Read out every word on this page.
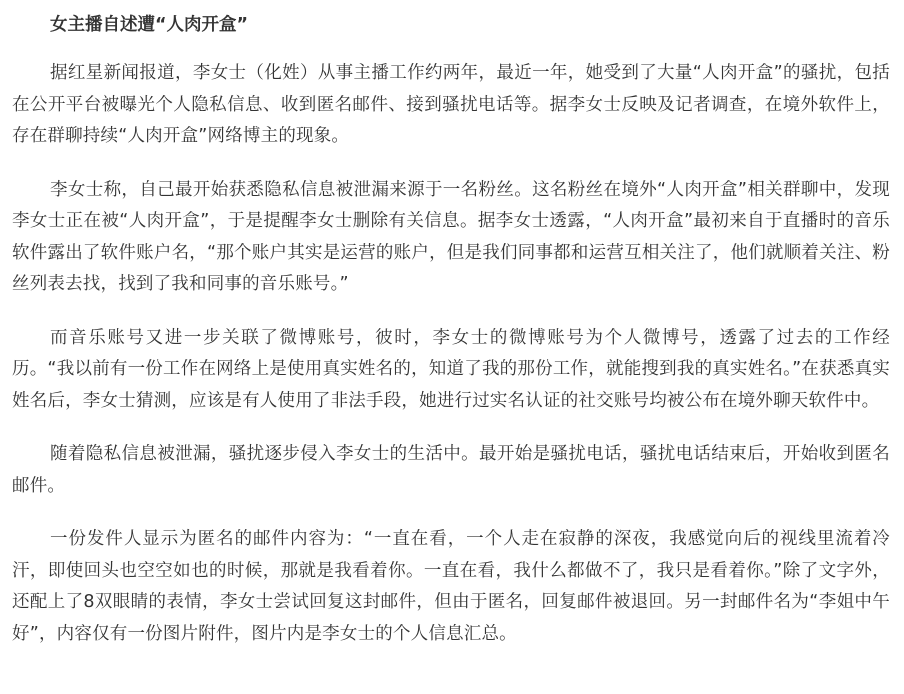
女主播自述遭“人肉开盒”

据红星新闻报道，李女士（化姓）从事主播工作约两年，最近一年，她受到了大量“人肉开盒”的骚扰，包括在公开平台被曝光个人隐私信息、收到匿名邮件、接到骚扰电话等。据李女士反映及记者调查，在境外软件上，存在群聊持续“人肉开盒”网络博主的现象。

李女士称，自己最开始获悉隐私信息被泄漏来源于一名粉丝。这名粉丝在境外“人肉开盒”相关群聊中，发现李女士正在被“人肉开盒”，于是提醒李女士删除有关信息。据李女士透露，“人肉开盒”最初来自于直播时的音乐软件露出了软件账户名，“那个账户其实是运营的账户，但是我们同事都和运营互相关注了，他们就顺着关注、粉丝列表去找，找到了我和同事的音乐账号。”

而音乐账号又进一步关联了微博账号，彼时，李女士的微博账号为个人微博号，透露了过去的工作经历。“我以前有一份工作在网络上是使用真实姓名的，知道了我的那份工作，就能搜到我的真实姓名。”在获悉真实姓名后，李女士猜测，应该是有人使用了非法手段，她进行过实名认证的社交账号均被公布在境外聊天软件中。

随着隐私信息被泄漏，骚扰逐步侵入李女士的生活中。最开始是骚扰电话，骚扰电话结束后，开始收到匿名邮件。

一份发件人显示为匿名的邮件内容为：“一直在看，一个人走在寂静的深夜，我感觉向后的视线里流着冷汗，即使回头也空空如也的时候，那就是我看着你。一直在看，我什么都做不了，我只是看着你。”除了文字外，还配上了8双眼睛的表情，李女士尝试回复这封邮件，但由于匿名，回复邮件被退回。另一封邮件名为“李姐中午好”，内容仅有一份图片附件，图片内是李女士的个人信息汇总。
